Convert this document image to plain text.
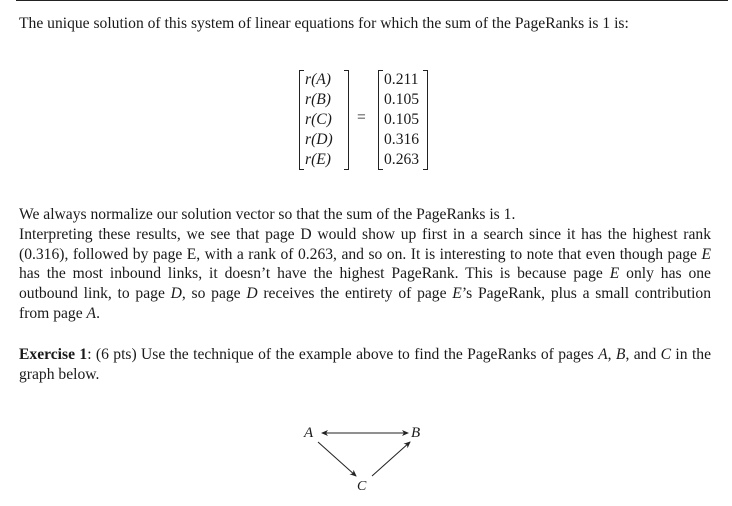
The unique solution of this system of linear equations for which the sum of the PageRanks is 1 is:

r(A)
r(B)
r(C)
r(D)
r(E)
=
0.211
0.105
0.105
0.316
0.263
We always normalize our solution vector so that the sum of the PageRanks is 1.
Interpreting these results, we see that page D would show up first in a search since it has the highest rank (0.316), followed by page E, with a rank of 0.263, and so on. It is interesting to note that even though page E has the most inbound links, it doesn’t have the highest PageRank. This is because page E only has one outbound link, to page D, so page D receives the entirety of page E’s PageRank, plus a small contribution from page A.
Exercise 1: (6 pts) Use the technique of the example above to find the PageRanks of pages A, B, and C in the graph below.
A	B
C
